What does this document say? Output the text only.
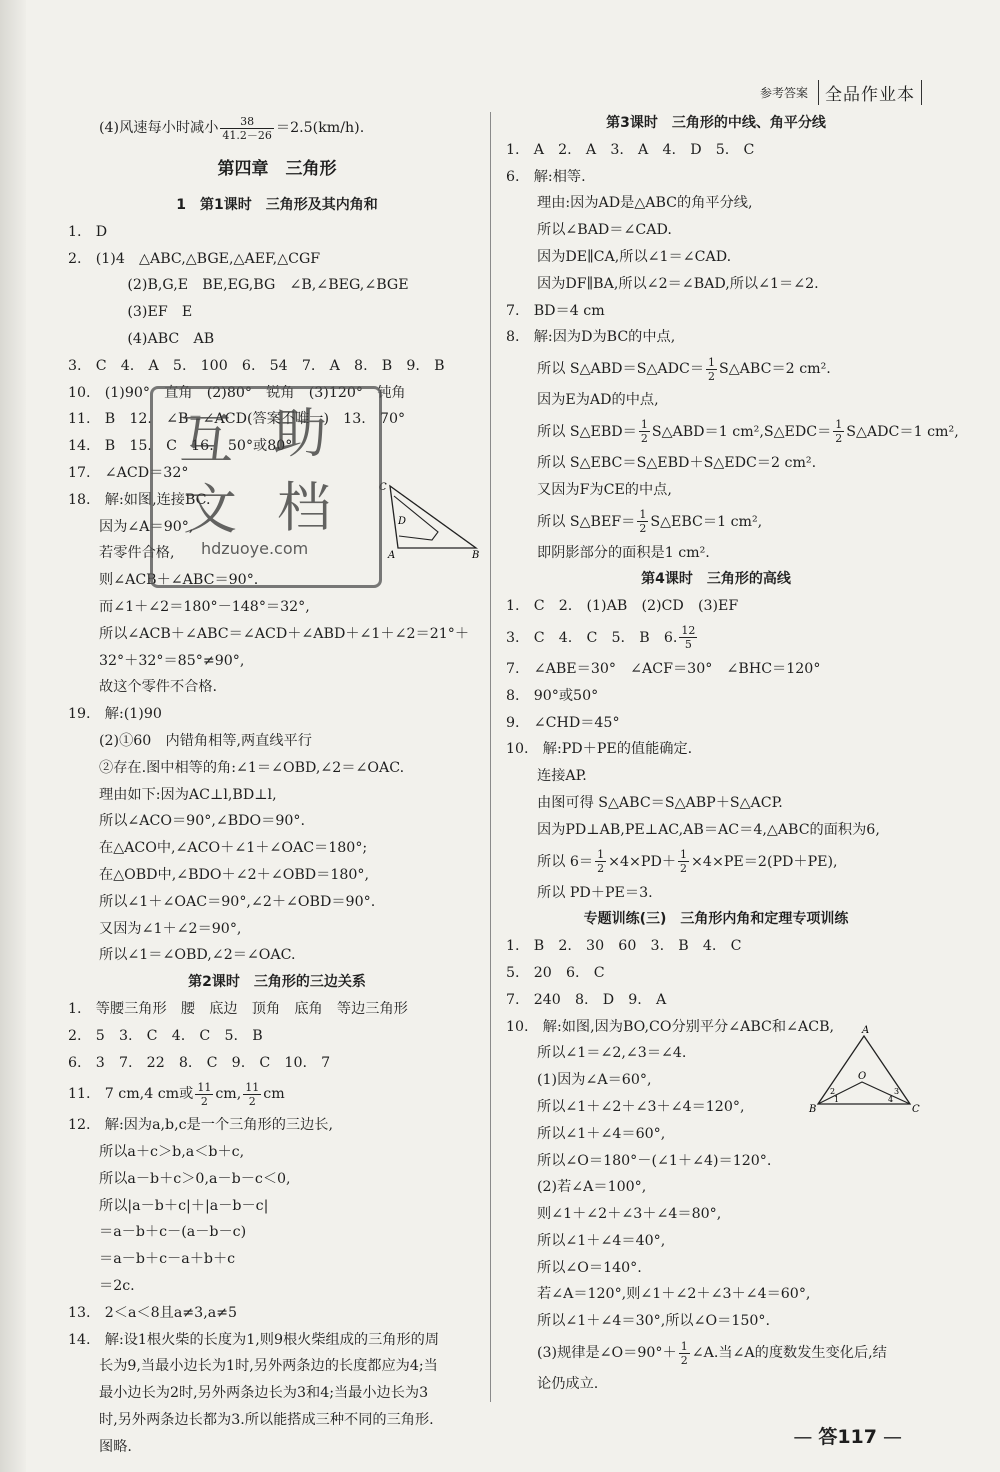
参考答案	全品作业本
(4)风速每小时减小 $\frac{38}{41.2-26} =2.5(km/h)$.
第四章　三角形
1　第1课时　三角形及其内角和
1.　D
2.　(1)4　△ABC,△BGE,△AEF,△CGF
　　(2)B,G,E　BE,EG,BG　∠B,∠BEG,∠BGE
　　(3)EF　E
　　(4)ABC　AB
3.　C　4.　A　5.　100　6.　54　7.　A　8.　B　9.　B
10.　(1)90°　直角　(2)80°　锐角　(3)120°　钝角
11.　B　12.　∠B＝∠ACD(答案不唯一)　13.　70°
14.　B　15.　C　16.　50°或80°
17.　∠ACD＝32°
18.　解:如图,连接BC.
因为∠A＝90°,
若零件合格,
则∠ACB＋∠ABC＝90°.
而∠1＋∠2＝180°－148°＝32°,
所以∠ACB＋∠ABC＝∠ACD＋∠ABD＋∠1＋∠2＝21°＋
32°＋32°＝85°≠90°,
故这个零件不合格.
19.　解:(1)90
(2)①60　内错角相等,两直线平行
②存在.图中相等的角:∠1＝∠OBD,∠2＝∠OAC.
理由如下:因为AC⊥l,BD⊥l,
所以∠ACO＝90°,∠BDO＝90°.
在△ACO中,∠ACO＋∠1＋∠OAC＝180°;
在△OBD中,∠BDO＋∠2＋∠OBD＝180°,
所以∠1＋∠OAC＝90°,∠2＋∠OBD＝90°.
又因为∠1＋∠2＝90°,
所以∠1＝∠OBD,∠2＝∠OAC.
第2课时　三角形的三边关系
1.　等腰三角形　腰　底边　顶角　底角　等边三角形
2.　5　3.　C　4.　C　5.　B
6.　3　7.　22　8.　C　9.　C　10.　7
11.　7 cm,4 cm或 $\frac{11}{2}$ cm, $\frac{11}{2}$ cm
12.　解:因为a,b,c是一个三角形的三边长,
所以a＋c＞b,a＜b＋c,
所以a－b＋c＞0,a－b－c＜0,
所以|a－b＋c|＋|a－b－c|
＝a－b＋c－(a－b－c)
＝a－b＋c－a＋b＋c
＝2c.
13.　2＜a＜8且a≠3,a≠5
14.　解:设1根火柴的长度为1,则9根火柴组成的三角形的周
长为9,当最小边长为1时,另外两条边的长度都应为4;当
最小边长为2时,另外两条边长为3和4;当最小边长为3
时,另外两条边长都为3.所以能搭成三种不同的三角形.
图略.
C
D
A	B
第3课时　三角形的中线、角平分线
1.　A　2.　A　3.　A　4.　D　5.　C
6.　解:相等.
理由:因为AD是△ABC的角平分线,
所以∠BAD＝∠CAD.
因为DE∥CA,所以∠1＝∠CAD.
因为DF∥BA,所以∠2＝∠BAD,所以∠1＝∠2.
7.　BD＝4 cm
8.　解:因为D为BC的中点,
所以 S△ABD＝S△ADC＝ $\frac{1}{2}$ S△ABC＝2 cm².
因为E为AD的中点,
所以 S△EBD＝ $\frac{1}{2}$ S△ABD＝1 cm²,S△EDC＝ $\frac{1}{2}$ S△ADC＝1 cm²,
所以 S△EBC＝S△EBD＋S△EDC＝2 cm².
又因为F为CE的中点,
所以 S△BEF＝ $\frac{1}{2}$ S△EBC＝1 cm²,
即阴影部分的面积是1 cm².
第4课时　三角形的高线
1.　C　2.　(1)AB　(2)CD　(3)EF
3.　C　4.　C　5.　B　6. $\frac{12}{5}$
7.　∠ABE＝30°　∠ACF＝30°　∠BHC＝120°
8.　90°或50°
9.　∠CHD＝45°
10.　解:PD＋PE的值能确定.
连接AP.
由图可得 S△ABC＝S△ABP＋S△ACP.
因为PD⊥AB,PE⊥AC,AB＝AC＝4,△ABC的面积为6,
所以 $6= \frac{1}{2} \times 4\times PD+ \frac{1}{2} \times 4\times PE=2(PD+PE)$,
所以 PD＋PE＝3.
专题训练(三)　三角形内角和定理专项训练
1.　B　2.　30　60　3.　B　4.　C
5.　20　6.　C
7.　240　8.　D　9.　A
10.　解:如图,因为BO,CO分别平分∠ABC和∠ACB,
所以∠1＝∠2,∠3＝∠4.
(1)因为∠A＝60°,
所以∠1＋∠2＋∠3＋∠4＝120°,
所以∠1＋∠4＝60°,
所以∠O＝180°－(∠1＋∠4)＝120°.
(2)若∠A＝100°,
则∠1＋∠2＋∠3＋∠4＝80°,
所以∠1＋∠4＝40°,
所以∠O＝140°.
若∠A＝120°,则∠1＋∠2＋∠3＋∠4＝60°,
所以∠1＋∠4＝30°,所以∠O＝150°.
(3)规律是∠O＝90°＋ $\frac{1}{2}$ ∠A.当∠A的度数发生变化后,结
论仍成立.
A
O
B	C
1
2	3
4
互 助
文 档
hdzuoye.com
— 答117 —
